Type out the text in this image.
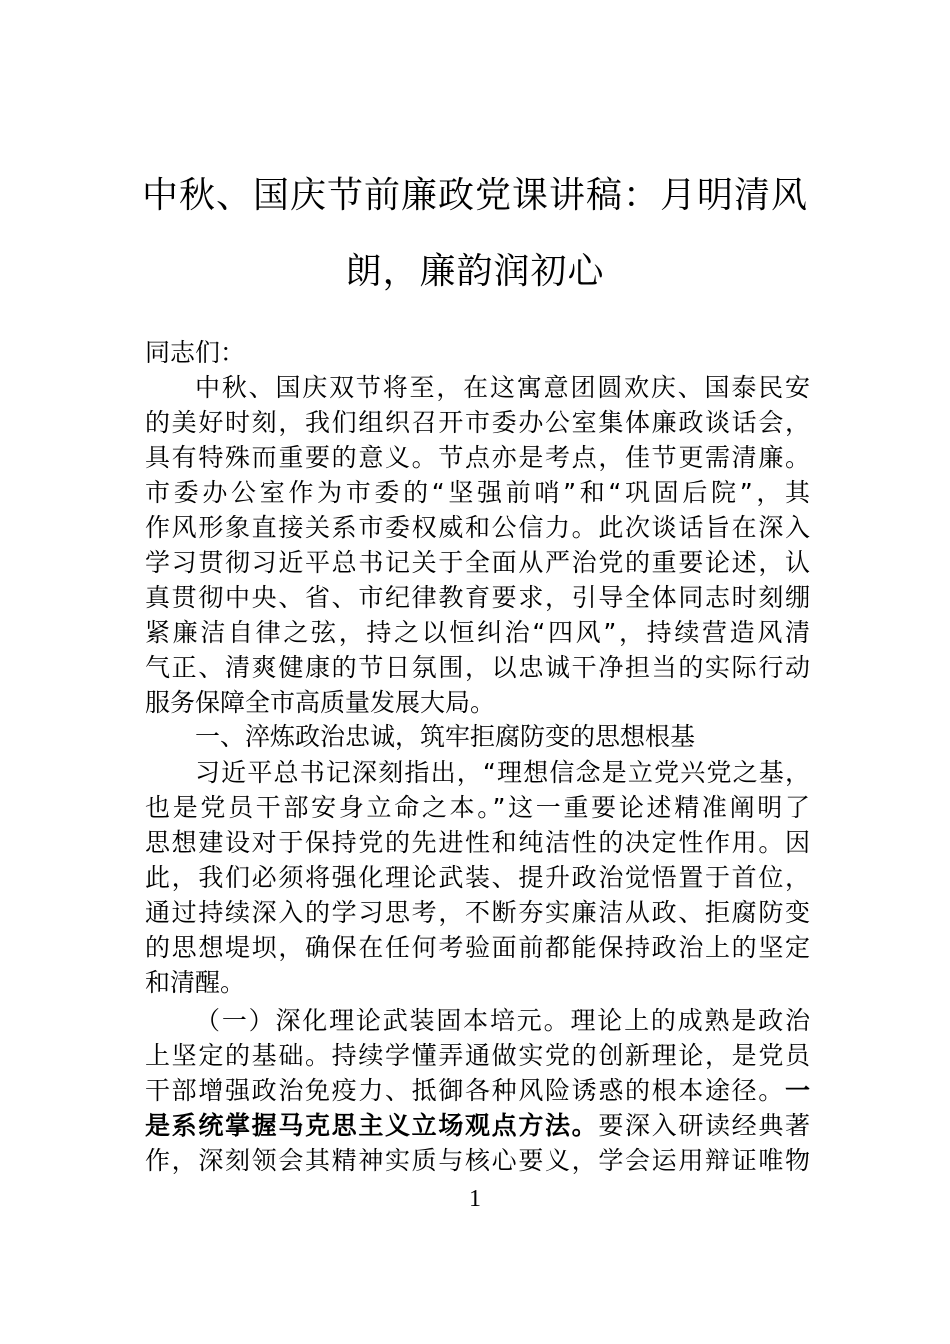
中秋、国庆节前廉政党课讲稿：月明清风
朗，廉韵润初心
同志们：
中秋、国庆双节将至，在这寓意团圆欢庆、国泰民安
的美好时刻，我们组织召开市委办公室集体廉政谈话会，
具有特殊而重要的意义。节点亦是考点，佳节更需清廉。
市委办公室作为市委的“坚强前哨”和“巩固后院”，其
作风形象直接关系市委权威和公信力。此次谈话旨在深入
学习贯彻习近平总书记关于全面从严治党的重要论述，认
真贯彻中央、省、市纪律教育要求，引导全体同志时刻绷
紧廉洁自律之弦，持之以恒纠治“四风”，持续营造风清
气正、清爽健康的节日氛围，以忠诚干净担当的实际行动
服务保障全市高质量发展大局。
一、淬炼政治忠诚，筑牢拒腐防变的思想根基
习近平总书记深刻指出，“理想信念是立党兴党之基，
也是党员干部安身立命之本。”这一重要论述精准阐明了
思想建设对于保持党的先进性和纯洁性的决定性作用。因
此，我们必须将强化理论武装、提升政治觉悟置于首位，
通过持续深入的学习思考，不断夯实廉洁从政、拒腐防变
的思想堤坝，确保在任何考验面前都能保持政治上的坚定
和清醒。
（一）深化理论武装固本培元。理论上的成熟是政治
上坚定的基础。持续学懂弄通做实党的创新理论，是党员
干部增强政治免疫力、抵御各种风险诱惑的根本途径。一
是系统掌握马克思主义立场观点方法。要深入研读经典著
作，深刻领会其精神实质与核心要义，学会运用辩证唯物
1
